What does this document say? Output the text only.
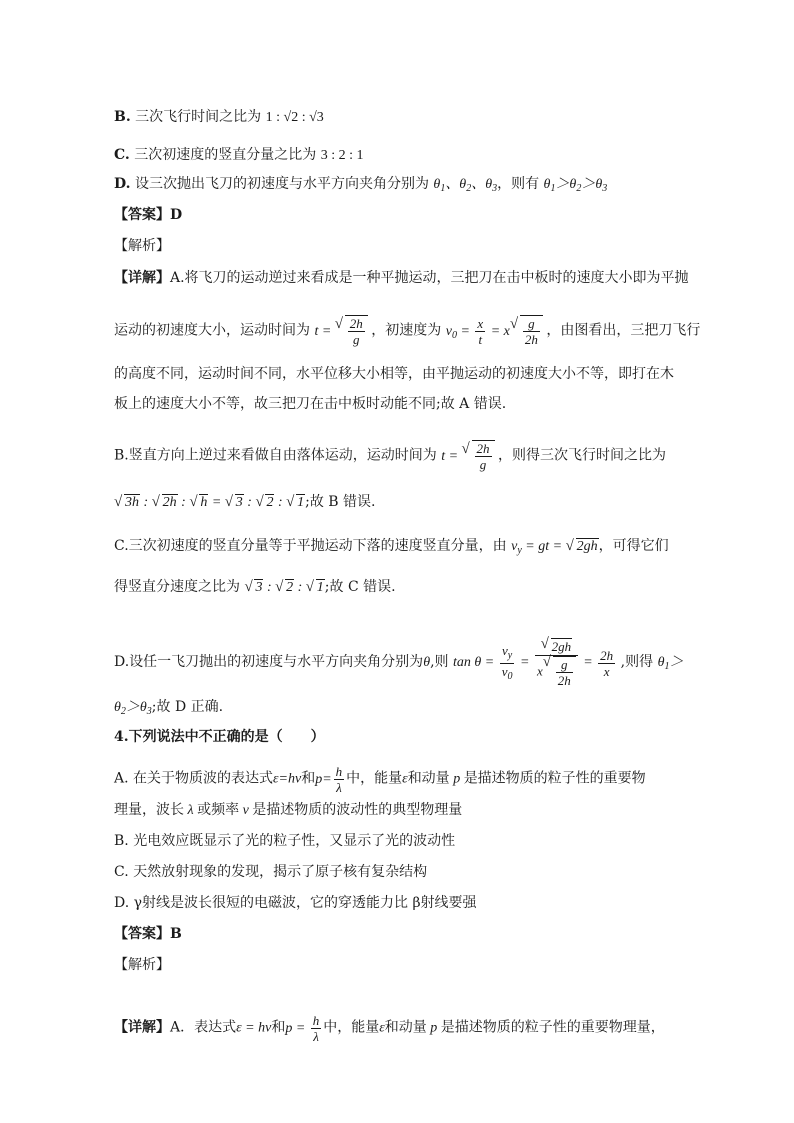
B. 三次飞行时间之比为 1 : √2 : √3
C. 三次初速度的竖直分量之比为 3 : 2 : 1
D. 设三次抛出飞刀的初速度与水平方向夹角分别为 $\theta_1$、$\theta_2$、$\theta_3$，则有 $\theta_1>\theta_2>\theta_3$
【答案】D
【解析】
【详解】A.将飞刀的运动逆过来看成是一种平抛运动，三把刀在击中板时的速度大小即为平抛
运动的初速度大小，运动时间为 t =
√ $\frac{2h}{g}$ ，初速度为 $v_0 = \frac{x}{t} = x$
√ $\frac{g}{2h}$ ，由图看出，三把刀飞行
的高度不同，运动时间不同，水平位移大小相等，由平抛运动的初速度大小不等，即打在木
板上的速度大小不等，故三把刀在击中板时动能不同;故 A 错误.
B.竖直方向上逆过来看做自由落体运动，运动时间为 t =
√ $\frac{2h}{g}$ ，则得三次飞行时间之比为
√ 3h : √ 2h : √ h = √ 3 : √ 2 : √ 1;故 B 错误.
C.三次初速度的竖直分量等于平抛运动下落的速度竖直分量，由 $v_y$ = gt = √ 2gh，可得它们
得竖直分速度之比为 √ 3 : √ 2 : √ 1;故 C 错误.
D.设任一飞刀抛出的初速度与水平方向夹角分别为θ,则 $\tan \theta = \frac{v_y}{v_0}$ =
√ 2gh
x
√ $\frac{g}{2h} = \frac{2h}{x}$ ,则得 $\theta_1>$
$\theta_2>\theta_3$;故 D 正确.
4.下列说法中不正确的是（　　）
A. 在关于物质波的表达式ε=hν和$p= \frac{h}{\lambda}$ 中，能量ε和动量 p 是描述物质的粒子性的重要物
理量，波长 λ 或频率 ν 是描述物质的波动性的典型物理量
B. 光电效应既显示了光的粒子性，又显示了光的波动性
C. 天然放射现象的发现，揭示了原子核有复杂结构
D. γ射线是波长很短的电磁波，它的穿透能力比 β射线要强
【答案】B
【解析】
【详解】A．表达式ε = hν和$p = \frac{h}{\lambda}$ 中，能量ε和动量 p 是描述物质的粒子性的重要物理量，
